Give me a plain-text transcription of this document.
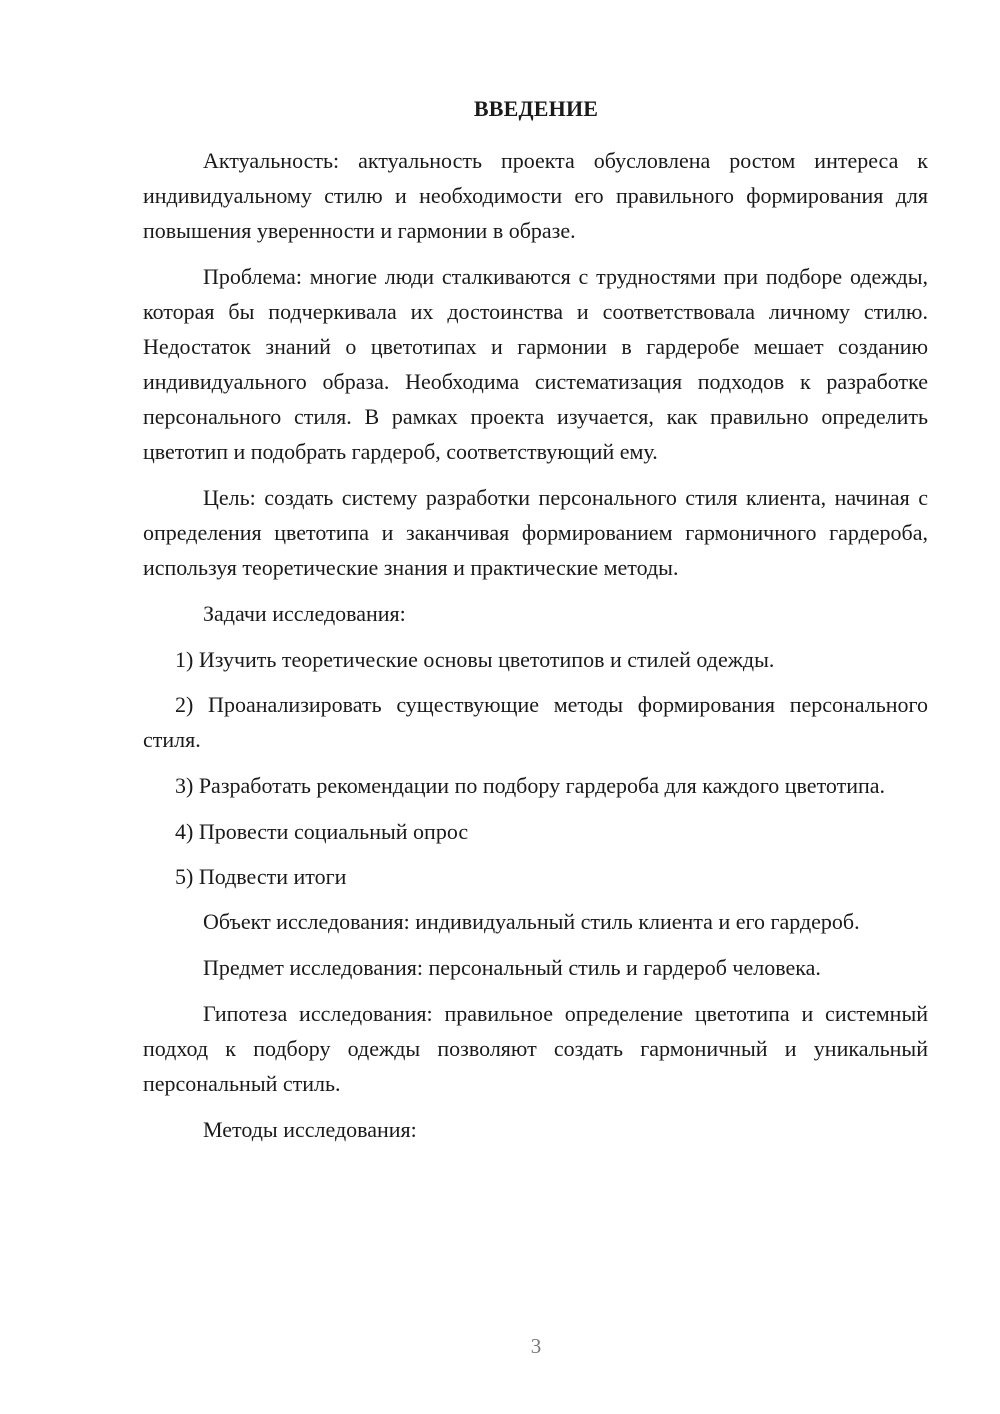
ВВЕДЕНИЕ

Актуальность: актуальность проекта обусловлена ростом интереса к индивидуальному стилю и необходимости его правильного формирования для повышения уверенности и гармонии в образе.

Проблема: многие люди сталкиваются с трудностями при подборе одежды, которая бы подчеркивала их достоинства и соответствовала личному стилю. Недостаток знаний о цветотипах и гармонии в гардеробе мешает созданию индивидуального образа. Необходима систематизация подходов к разработке персонального стиля. В рамках проекта изучается, как правильно определить цветотип и подобрать гардероб, соответствующий ему.

Цель: создать систему разработки персонального стиля клиента, начиная с определения цветотипа и заканчивая формированием гармоничного гардероба, используя теоретические знания и практические методы.

Задачи исследования:

1) Изучить теоретические основы цветотипов и стилей одежды.

2) Проанализировать существующие методы формирования персонального стиля.

3) Разработать рекомендации по подбору гардероба для каждого цветотипа.

4) Провести социальный опрос

5) Подвести итоги

Объект исследования: индивидуальный стиль клиента и его гардероб.

Предмет исследования: персональный стиль и гардероб человека.

Гипотеза исследования: правильное определение цветотипа и системный подход к подбору одежды позволяют создать гармоничный и уникальный персональный стиль.

Методы исследования:

3
